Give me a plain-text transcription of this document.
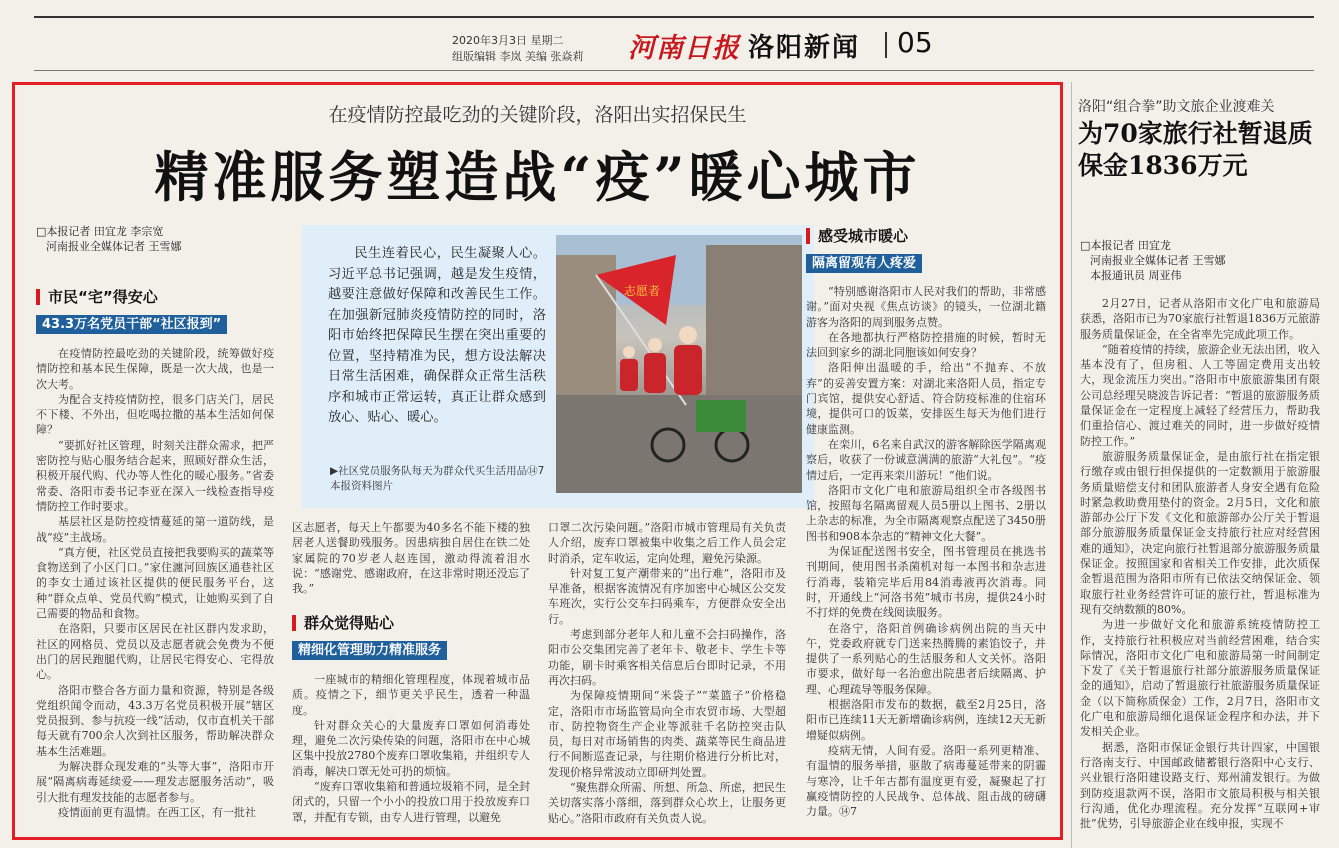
2020年3月3日 星期二
组版编辑 李岚 美编 张焱莉 河南日报 洛阳新闻 05
在疫情防控最吃劲的关键阶段，洛阳出实招保民生
精准服务塑造战“疫”暖心城市
□本报记者 田宜龙 李宗宽
河南报业全媒体记者 王雪娜
市民“宅”得安心
43.3万名党员干部“社区报到”

在疫情防控最吃劲的关键阶段，统筹做好疫情防控和基本民生保障，既是一次大战，也是一次大考。

为配合支持疫情防控，很多门店关门，居民不下楼、不外出，但吃喝拉撒的基本生活如何保障？

“要抓好社区管理，时刻关注群众需求，把严密防控与贴心服务结合起来，照顾好群众生活，积极开展代购、代办等人性化的暖心服务。”省委常委、洛阳市委书记李亚在深入一线检查指导疫情防控工作时要求。

基层社区是防控疫情蔓延的第一道防线，是战“疫”主战场。

“真方便，社区党员直接把我要购买的蔬菜等食物送到了小区门口。”家住瀍河回族区通巷社区的李女士通过该社区提供的便民服务平台，这种“群众点单、党员代购”模式，让她购买到了自己需要的物品和食物。

在洛阳，只要市区居民在社区群内发求助，社区的网格员、党员以及志愿者就会免费为不便出门的居民跑腿代购，让居民宅得安心、宅得放心。

洛阳市整合各方面力量和资源，特别是各级党组织闻令而动，43.3万名党员积极开展“辖区党员报到、参与抗疫一线”活动，仅市直机关干部每天就有700余人次到社区服务，帮助解决群众基本生活难题。

为解决群众现发难的“头等大事”，洛阳市开展“隔离病毒延续爱——理发志愿服务活动”，吸引大批有理发技能的志愿者参与。

疫情面前更有温情。在西工区，有一批社

民生连着民心，民生凝聚人心。习近平总书记强调，越是发生疫情，越要注意做好保障和改善民生工作。在加强新冠肺炎疫情防控的同时，洛阳市始终把保障民生摆在突出重要的位置，坚持精准为民，想方设法解决日常生活困难，确保群众正常生活秩序和城市正常运转，真正让群众感到放心、贴心、暖心。
志愿者
▶社区党员服务队每天为群众代买生活用品⑭7 本报资料图片

区志愿者，每天上午都要为40多名不能下楼的独居老人送餐助残服务。因患病独自居住在铁二处家属院的70岁老人赵连国，激动得流着泪水说：“感谢党、感谢政府，在这非常时期还没忘了我。”

群众觉得贴心
精细化管理助力精准服务

一座城市的精细化管理程度，体现着城市品质。疫情之下，细节更关乎民生，透着一种温度。

针对群众关心的大量废弃口罩如何消毒处理，避免二次污染传染的问题，洛阳市在中心城区集中投放2780个废弃口罩收集箱，并组织专人消毒，解决口罩无处可扔的烦恼。

“废弃口罩收集箱和普通垃圾箱不同，是全封闭式的，只留一个小小的投放口用于投放废弃口罩，并配有专锁，由专人进行管理，以避免

口罩二次污染问题。”洛阳市城市管理局有关负责人介绍，废弃口罩被集中收集之后工作人员会定时消杀，定车收运，定向处理，避免污染源。

针对复工复产潮带来的“出行难”，洛阳市及早准备，根据客流情况有序加密中心城区公交发车班次，实行公交车扫码乘车，方便群众安全出行。

考虑到部分老年人和儿童不会扫码操作，洛阳市公交集团完善了老年卡、敬老卡、学生卡等功能，刷卡时乘客相关信息后台即时记录，不用再次扫码。

为保障疫情期间“米袋子”“菜篮子”价格稳定，洛阳市市场监管局向全市农贸市场、大型超市、防控物资生产企业等派驻千名防控突击队员，每日对市场销售的肉类、蔬菜等民生商品进行不间断巡查记录，与往期价格进行分析比对，发现价格异常波动立即研判处置。

“聚焦群众所需、所想、所急、所虑，把民生关切落实落小落细，落到群众心坎上，让服务更贴心。”洛阳市政府有关负责人说。

感受城市暖心
隔离留观有人疼爱

“特别感谢洛阳市人民对我们的帮助，非常感谢。”面对央视《焦点访谈》的镜头，一位湖北籍游客为洛阳的周到服务点赞。

在各地都执行严格防控措施的时候，暂时无法回到家乡的湖北同胞该如何安身？

洛阳伸出温暖的手，给出“不抛弃、不放弃”的妥善安置方案：对湖北来洛阳人员，指定专门宾馆，提供安心舒适、符合防疫标准的住宿环境，提供可口的饭菜，安排医生每天为他们进行健康监测。

在栾川，6名来自武汉的游客解除医学隔离观察后，收获了一份诚意满满的旅游“大礼包”。“疫情过后，一定再来栾川游玩！”他们说。

洛阳市文化广电和旅游局组织全市各级图书馆，按照每名隔离留观人员5册以上图书、2册以上杂志的标准，为全市隔离观察点配送了3450册图书和908本杂志的“精神文化大餐”。

为保证配送图书安全，图书管理员在挑选书刊期间，使用图书杀菌机对每一本图书和杂志进行消毒，装箱完毕后用84消毒液再次消毒。同时，开通线上“河洛书苑”城市书房，提供24小时不打烊的免费在线阅读服务。

在洛宁，洛阳首例确诊病例出院的当天中午，党委政府就专门送来热腾腾的素馅饺子，并提供了一系列贴心的生活服务和人文关怀。洛阳市要求，做好每一名治愈出院患者后续隔离、护理、心理疏导等服务保障。

根据洛阳市发布的数据，截至2月25日，洛阳市已连续11天无新增确诊病例，连续12天无新增疑似病例。

疫病无情，人间有爱。洛阳一系列更精准、有温情的服务举措，驱散了病毒蔓延带来的阴霾与寒冷，让千年古都有温度更有爱，凝聚起了打赢疫情防控的人民战争、总体战、阻击战的磅礴力量。⑭7

洛阳“组合拳”助文旅企业渡难关
为70家旅行社暂退质保金1836万元
□本报记者 田宜龙
河南报业全媒体记者 王雪娜
本报通讯员 周亚伟

2月27日，记者从洛阳市文化广电和旅游局获悉，洛阳市已为70家旅行社暂退1836万元旅游服务质量保证金，在全省率先完成此项工作。

“随着疫情的持续，旅游企业无法出团，收入基本没有了，但房租、人工等固定费用支出较大，现金流压力突出。”洛阳市中旅旅游集团有限公司总经理吴晓波告诉记者：“暂退的旅游服务质量保证金在一定程度上减轻了经营压力，帮助我们重拾信心、渡过难关的同时，进一步做好疫情防控工作。”

旅游服务质量保证金，是由旅行社在指定银行缴存或由银行担保提供的一定数额用于旅游服务质量赔偿支付和团队旅游者人身安全遇有危险时紧急救助费用垫付的资金。2月5日，文化和旅游部办公厅下发《文化和旅游部办公厅关于暂退部分旅游服务质量保证金支持旅行社应对经营困难的通知》，决定向旅行社暂退部分旅游服务质量保证金。按照国家和省相关工作安排，此次质保金暂退范围为洛阳市所有已依法交纳保证金、领取旅行社业务经营许可证的旅行社，暂退标准为现有交纳数额的80%。

为进一步做好文化和旅游系统疫情防控工作，支持旅行社积极应对当前经营困难，结合实际情况，洛阳市文化广电和旅游局第一时间制定下发了《关于暂退旅行社部分旅游服务质量保证金的通知》，启动了暂退旅行社旅游服务质量保证金（以下简称质保金）工作，2月7日，洛阳市文化广电和旅游局细化退保证金程序和办法，并下发相关企业。

据悉，洛阳市保证金银行共计四家，中国银行洛南支行、中国邮政储蓄银行洛阳中心支行、兴业银行洛阳建设路支行、郑州浦发银行。为做到防疫退款两不误，洛阳市文旅局积极与相关银行沟通，优化办理流程。充分发挥“互联网+审批”优势，引导旅游企业在线申报，实现不
